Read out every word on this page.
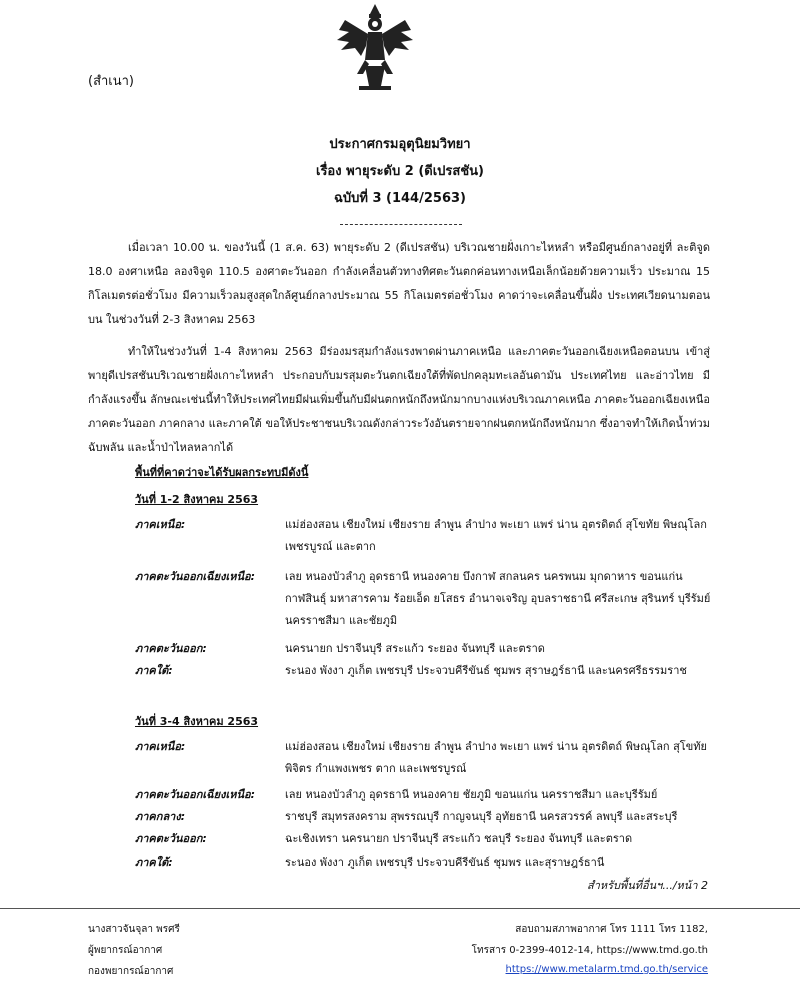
(สำเนา)
ประกาศกรมอุตุนิยมวิทยา
เรื่อง พายุระดับ 2 (ดีเปรสชัน)
ฉบับที่ 3 (144/2563)

เมื่อเวลา 10.00 น. ของวันนี้ (1 ส.ค. 63) พายุระดับ 2 (ดีเปรสชัน) บริเวณชายฝั่งเกาะไหหลำ หรือมีศูนย์กลางอยู่ที่ ละติจูด 18.0 องศาเหนือ ลองจิจูด 110.5 องศาตะวันออก กำลังเคลื่อนตัวทางทิศตะวันตกค่อนทางเหนือเล็กน้อยด้วยความเร็ว ประมาณ 15 กิโลเมตรต่อชั่วโมง มีความเร็วลมสูงสุดใกล้ศูนย์กลางประมาณ 55 กิโลเมตรต่อชั่วโมง คาดว่าจะเคลื่อนขึ้นฝั่ง ประเทศเวียดนามตอนบน ในช่วงวันที่ 2-3 สิงหาคม 2563

ทำให้ในช่วงวันที่ 1-4 สิงหาคม 2563 มีร่องมรสุมกำลังแรงพาดผ่านภาคเหนือ และภาคตะวันออกเฉียงเหนือตอนบน เข้าสู่พายุดีเปรสชันบริเวณชายฝั่งเกาะไหหลำ ประกอบกับมรสุมตะวันตกเฉียงใต้ที่พัดปกคลุมทะเลอันดามัน ประเทศไทย และอ่าวไทย มีกำลังแรงขึ้น ลักษณะเช่นนี้ทำให้ประเทศไทยมีฝนเพิ่มขึ้นกับมีฝนตกหนักถึงหนักมากบางแห่งบริเวณภาคเหนือ ภาคตะวันออกเฉียงเหนือ ภาคตะวันออก ภาคกลาง และภาคใต้ ขอให้ประชาชนบริเวณดังกล่าวระวังอันตรายจากฝนตกหนักถึงหนักมาก ซึ่งอาจทำให้เกิดน้ำท่วมฉับพลัน และน้ำป่าไหลหลากได้

พื้นที่ที่คาดว่าจะได้รับผลกระทบมีดังนี้
วันที่ 1-2 สิงหาคม 2563
ภาคเหนือ:	แม่ฮ่องสอน เชียงใหม่ เชียงราย ลำพูน ลำปาง พะเยา แพร่ น่าน อุตรดิตถ์ สุโขทัย พิษณุโลก เพชรบูรณ์ และตาก
ภาคตะวันออกเฉียงเหนือ:	เลย หนองบัวลำภู อุดรธานี หนองคาย บึงกาฬ สกลนคร นครพนม มุกดาหาร ขอนแก่น กาฬสินธุ์ มหาสารคาม ร้อยเอ็ด ยโสธร อำนาจเจริญ อุบลราชธานี ศรีสะเกษ สุรินทร์ บุรีรัมย์ นครราชสีมา และชัยภูมิ
ภาคตะวันออก:	นครนายก ปราจีนบุรี สระแก้ว ระยอง จันทบุรี และตราด
ภาคใต้:	ระนอง พังงา ภูเก็ต เพชรบุรี ประจวบคีรีขันธ์ ชุมพร สุราษฎร์ธานี และนครศรีธรรมราช
วันที่ 3-4 สิงหาคม 2563
ภาคเหนือ:	แม่ฮ่องสอน เชียงใหม่ เชียงราย ลำพูน ลำปาง พะเยา แพร่ น่าน อุตรดิตถ์ พิษณุโลก สุโขทัย พิจิตร กำแพงเพชร ตาก และเพชรบูรณ์
ภาคตะวันออกเฉียงเหนือ:	เลย หนองบัวลำภู อุดรธานี หนองคาย ชัยภูมิ ขอนแก่น นครราชสีมา และบุรีรัมย์
ภาคกลาง:	ราชบุรี สมุทรสงคราม สุพรรณบุรี กาญจนบุรี อุทัยธานี นครสวรรค์ ลพบุรี และสระบุรี
ภาคตะวันออก:	ฉะเชิงเทรา นครนายก ปราจีนบุรี สระแก้ว ชลบุรี ระยอง จันทบุรี และตราด
ภาคใต้:	ระนอง พังงา ภูเก็ต เพชรบุรี ประจวบคีรีขันธ์ ชุมพร และสุราษฎร์ธานี
สำหรับพื้นที่อื่นฯ.../หน้า 2
นางสาวจันจุลา พรศรี
ผู้พยากรณ์อากาศ
กองพยากรณ์อากาศ
สอบถามสภาพอากาศ โทร 1111 โทร 1182,
โทรสาร 0-2399-4012-14, https://www.tmd.go.th
https://www.metalarm.tmd.go.th/service
